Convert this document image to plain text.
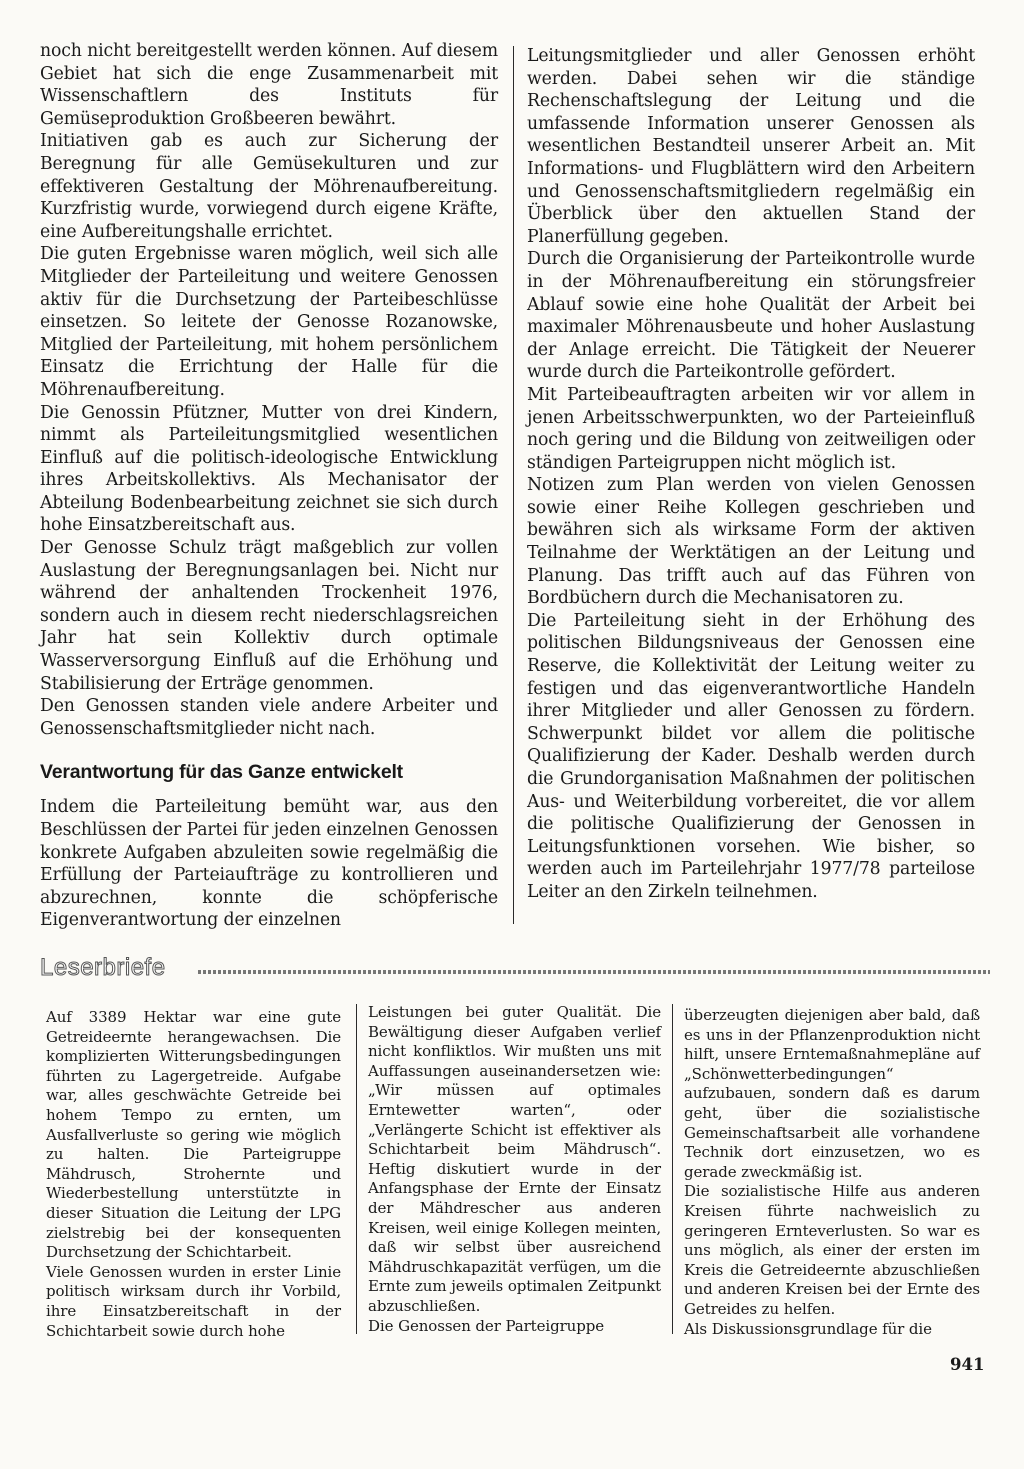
noch nicht bereitgestellt werden können. Auf diesem Gebiet hat sich die enge Zusammenarbeit mit Wissenschaftlern des Instituts für Gemüseproduktion Großbeeren bewährt.

Initiativen gab es auch zur Sicherung der Beregnung für alle Gemüsekulturen und zur effektiveren Gestaltung der Möhrenaufbereitung. Kurzfristig wurde, vorwiegend durch eigene Kräfte, eine Aufbereitungshalle errichtet.

Die guten Ergebnisse waren möglich, weil sich alle Mitglieder der Parteileitung und weitere Genossen aktiv für die Durchsetzung der Parteibeschlüsse einsetzen. So leitete der Genosse Rozanowske, Mitglied der Parteileitung, mit hohem persönlichem Einsatz die Errichtung der Halle für die Möhrenaufbereitung.

Die Genossin Pfützner, Mutter von drei Kindern, nimmt als Parteileitungsmitglied wesentlichen Einfluß auf die politisch-ideologische Entwicklung ihres Arbeitskollektivs. Als Mechanisator der Abteilung Bodenbearbeitung zeichnet sie sich durch hohe Einsatzbereitschaft aus.

Der Genosse Schulz trägt maßgeblich zur vollen Auslastung der Beregnungsanlagen bei. Nicht nur während der anhaltenden Trockenheit 1976, sondern auch in diesem recht niederschlagsreichen Jahr hat sein Kollektiv durch optimale Wasserversorgung Einfluß auf die Erhöhung und Stabilisierung der Erträge genommen.

Den Genossen standen viele andere Arbeiter und Genossenschaftsmitglieder nicht nach.

Verantwortung für das Ganze entwickelt

Indem die Parteileitung bemüht war, aus den Beschlüssen der Partei für jeden einzelnen Genossen konkrete Aufgaben abzuleiten sowie regelmäßig die Erfüllung der Parteiaufträge zu kontrollieren und abzurechnen, konnte die schöpferische Eigenverantwortung der einzelnen

Leitungsmitglieder und aller Genossen erhöht werden. Dabei sehen wir die ständige Rechenschaftslegung der Leitung und die umfassende Information unserer Genossen als wesentlichen Bestandteil unserer Arbeit an. Mit Informations- und Flugblättern wird den Arbeitern und Genossenschaftsmitgliedern regelmäßig ein Überblick über den aktuellen Stand der Planerfüllung gegeben.

Durch die Organisierung der Parteikontrolle wurde in der Möhrenaufbereitung ein störungsfreier Ablauf sowie eine hohe Qualität der Arbeit bei maximaler Möhrenausbeute und hoher Auslastung der Anlage erreicht. Die Tätigkeit der Neuerer wurde durch die Parteikontrolle gefördert.

Mit Parteibeauftragten arbeiten wir vor allem in jenen Arbeitsschwerpunkten, wo der Parteieinfluß noch gering und die Bildung von zeitweiligen oder ständigen Parteigruppen nicht möglich ist.

Notizen zum Plan werden von vielen Genossen sowie einer Reihe Kollegen geschrieben und bewähren sich als wirksame Form der aktiven Teilnahme der Werktätigen an der Leitung und Planung. Das trifft auch auf das Führen von Bordbüchern durch die Mechanisatoren zu.

Die Parteileitung sieht in der Erhöhung des politischen Bildungsniveaus der Genossen eine Reserve, die Kollektivität der Leitung weiter zu festigen und das eigenverantwortliche Handeln ihrer Mitglieder und aller Genossen zu fördern. Schwerpunkt bildet vor allem die politische Qualifizierung der Kader. Deshalb werden durch die Grundorganisation Maßnahmen der politischen Aus- und Weiterbildung vorbereitet, die vor allem die politische Qualifizierung der Genossen in Leitungsfunktionen vorsehen. Wie bisher, so werden auch im Parteilehrjahr 1977/78 parteilose Leiter an den Zirkeln teilnehmen.

Leserbriefe

Auf 3389 Hektar war eine gute Getreideernte herangewachsen. Die komplizierten Witterungsbedingungen führten zu Lagergetreide. Aufgabe war, alles geschwächte Getreide bei hohem Tempo zu ernten, um Ausfallverluste so gering wie möglich zu halten. Die Parteigruppe Mähdrusch, Strohernte und Wiederbestellung unterstützte in dieser Situation die Leitung der LPG zielstrebig bei der konsequenten Durchsetzung der Schichtarbeit.

Viele Genossen wurden in erster Linie politisch wirksam durch ihr Vorbild, ihre Einsatzbereitschaft in der Schichtarbeit sowie durch hohe

Leistungen bei guter Qualität. Die Bewältigung dieser Aufgaben verlief nicht konfliktlos. Wir mußten uns mit Auffassungen auseinandersetzen wie: „Wir müssen auf optimales Erntewetter warten“, oder „Verlängerte Schicht ist effektiver als Schichtarbeit beim Mähdrusch“. Heftig diskutiert wurde in der Anfangsphase der Ernte der Einsatz der Mähdrescher aus anderen Kreisen, weil einige Kollegen meinten, daß wir selbst über ausreichend Mähdruschkapazität verfügen, um die Ernte zum jeweils optimalen Zeitpunkt abzuschließen.

Die Genossen der Parteigruppe

überzeugten diejenigen aber bald, daß es uns in der Pflanzenproduktion nicht hilft, unsere Erntemaßnahmepläne auf „Schönwetterbedingungen“ aufzubauen, sondern daß es darum geht, über die sozialistische Gemeinschaftsarbeit alle vorhandene Technik dort einzusetzen, wo es gerade zweckmäßig ist.

Die sozialistische Hilfe aus anderen Kreisen führte nachweislich zu geringeren Ernteverlusten. So war es uns möglich, als einer der ersten im Kreis die Getreideernte abzuschließen und anderen Kreisen bei der Ernte des Getreides zu helfen.

Als Diskussionsgrundlage für die

941
